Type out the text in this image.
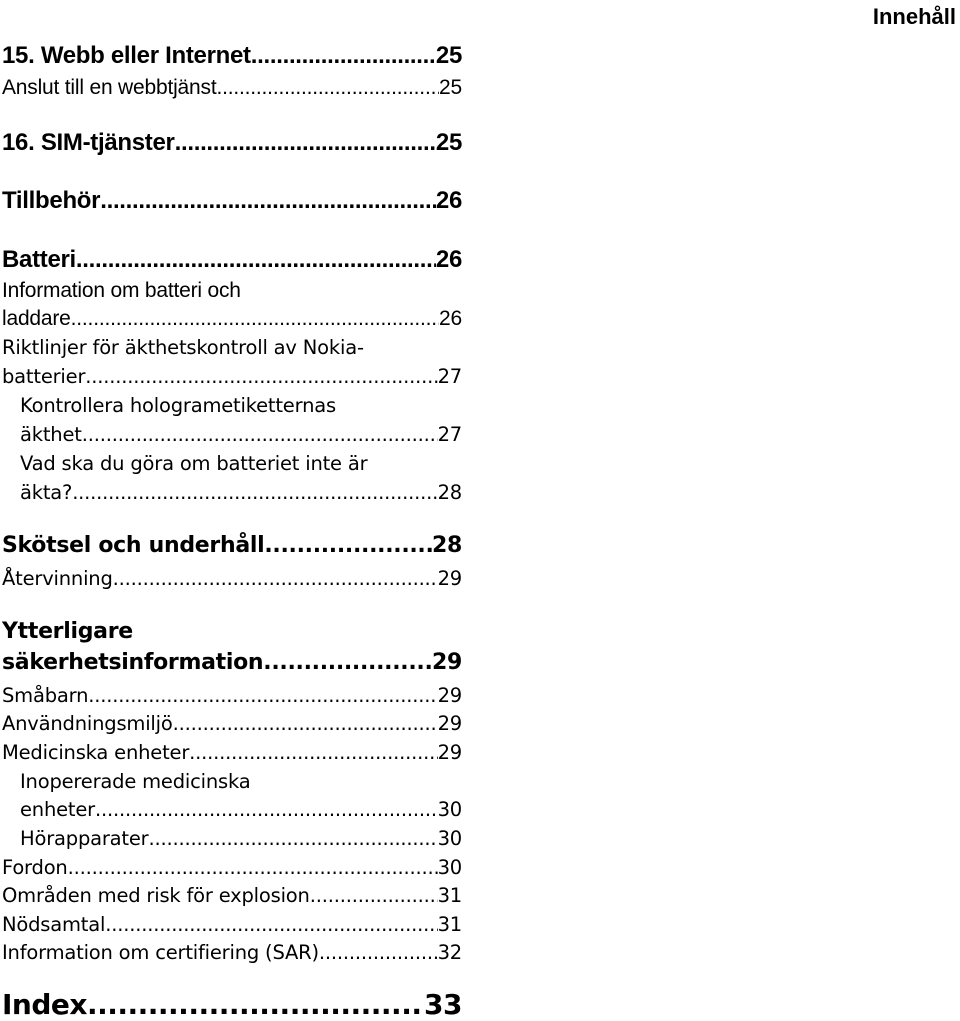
Innehåll
15. Webb eller Internet .....	25
Anslut till en webbtjänst .....	25
16. SIM-tjänster .....	25
Tillbehör .....	26
Batteri .....	26
Information om batteri och
laddare .....	26
Riktlinjer för äkthetskontroll av Nokia-
batterier .....	27
Kontrollera hologrametiketternas
äkthet .....	27
Vad ska du göra om batteriet inte är
äkta? .....	28
Skötsel och underhåll .....	28
Återvinning .....	29
Ytterligare
säkerhetsinformation .....	29
Småbarn .....	29
Användningsmiljö .....	29
Medicinska enheter .....	29
Inopererade medicinska
enheter .....	30
Hörapparater .....	30
Fordon .....	30
Områden med risk för explosion .....	31
Nödsamtal .....	31
Information om certifiering (SAR) .....	32
Index .....	33
